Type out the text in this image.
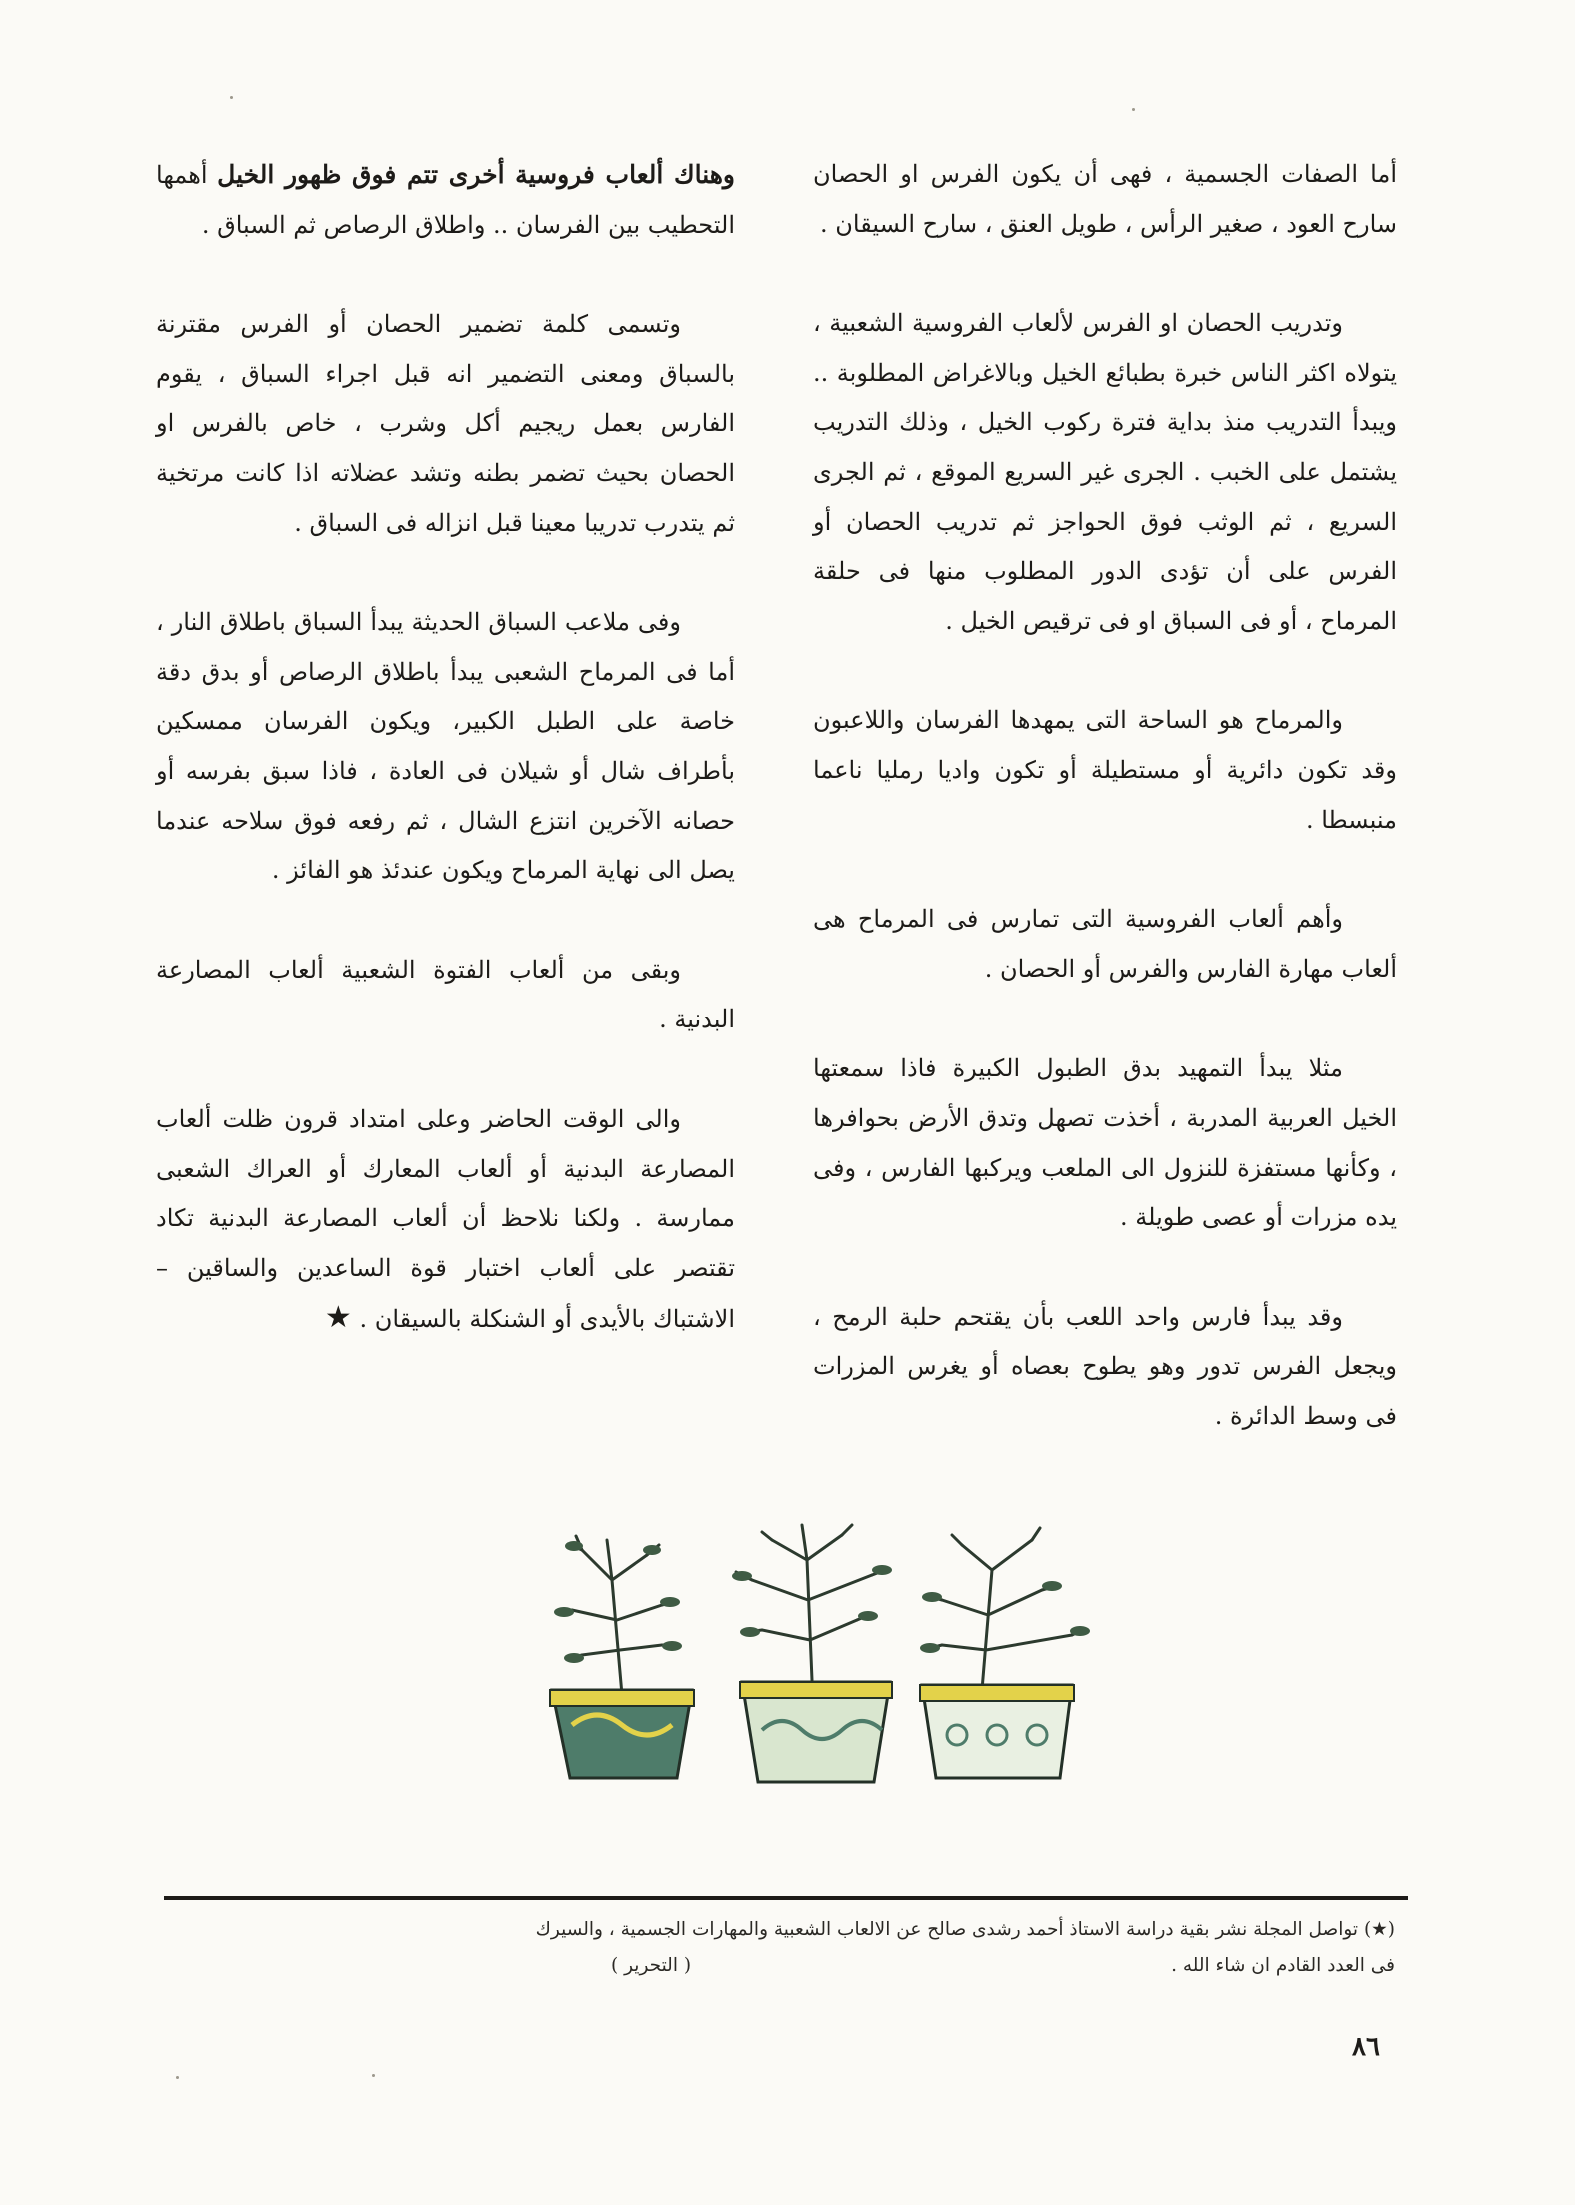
أما الصفات الجسمية ، فهى أن يكون الفرس او الحصان سارح العود ، صغير الرأس ، طويل العنق ، سارح السيقان .

وتدريب الحصان او الفرس لألعاب الفروسية الشعبية ، يتولاه اكثر الناس خبرة بطبائع الخيل وبالاغراض المطلوبة .. ويبدأ التدريب منذ بداية فترة ركوب الخيل ، وذلك التدريب يشتمل على الخبب . الجرى غير السريع الموقع ، ثم الجرى السريع ، ثم الوثب فوق الحواجز ثم تدريب الحصان أو الفرس على أن تؤدى الدور المطلوب منها فى حلقة المرماح ، أو فى السباق او فى ترقيص الخيل .

والمرماح هو الساحة التى يمهدها الفرسان واللاعبون وقد تكون دائرية أو مستطيلة أو تكون واديا رمليا ناعما منبسطا .

وأهم ألعاب الفروسية التى تمارس فى المرماح هى ألعاب مهارة الفارس والفرس أو الحصان .

مثلا يبدأ التمهيد بدق الطبول الكبيرة فاذا سمعتها الخيل العربية المدربة ، أخذت تصهل وتدق الأرض بحوافرها ، وكأنها مستفزة للنزول الى الملعب ويركبها الفارس ، وفى يده مزرات أو عصى طويلة .

وقد يبدأ فارس واحد اللعب بأن يقتحم حلبة الرمح ، ويجعل الفرس تدور وهو يطوح بعصاه أو يغرس المزرات فى وسط الدائرة .

وهناك ألعاب فروسية أخرى تتم فوق ظهور الخيل أهمها التحطيب بين الفرسان .. واطلاق الرصاص ثم السباق .

وتسمى كلمة تضمير الحصان أو الفرس مقترنة بالسباق ومعنى التضمير انه قبل اجراء السباق ، يقوم الفارس بعمل ريجيم أكل وشرب ، خاص بالفرس او الحصان بحيث تضمر بطنه وتشد عضلاته اذا كانت مرتخية ثم يتدرب تدريبا معينا قبل انزاله فى السباق .

وفى ملاعب السباق الحديثة يبدأ السباق باطلاق النار ، أما فى المرماح الشعبى يبدأ باطلاق الرصاص أو بدق دقة خاصة على الطبل الكبير، ويكون الفرسان ممسكين بأطراف شال أو شيلان فى العادة ، فاذا سبق بفرسه أو حصانه الآخرين انتزع الشال ، ثم رفعه فوق سلاحه عندما يصل الى نهاية المرماح ويكون عندئذ هو الفائز .

وبقى من ألعاب الفتوة الشعبية ألعاب المصارعة البدنية .

والى الوقت الحاضر وعلى امتداد قرون ظلت ألعاب المصارعة البدنية أو ألعاب المعارك أو العراك الشعبى ممارسة . ولكنا نلاحظ أن ألعاب المصارعة البدنية تكاد تقتصر على ألعاب اختبار قوة الساعدين والساقين – الاشتباك بالأيدى أو الشنكلة بالسيقان . ★

(★) تواصل المجلة نشر بقية دراسة الاستاذ أحمد رشدى صالح عن الالعاب الشعبية والمهارات الجسمية ، والسيرك

فى العدد القادم ان شاء الله .

( التحرير )
٨٦
